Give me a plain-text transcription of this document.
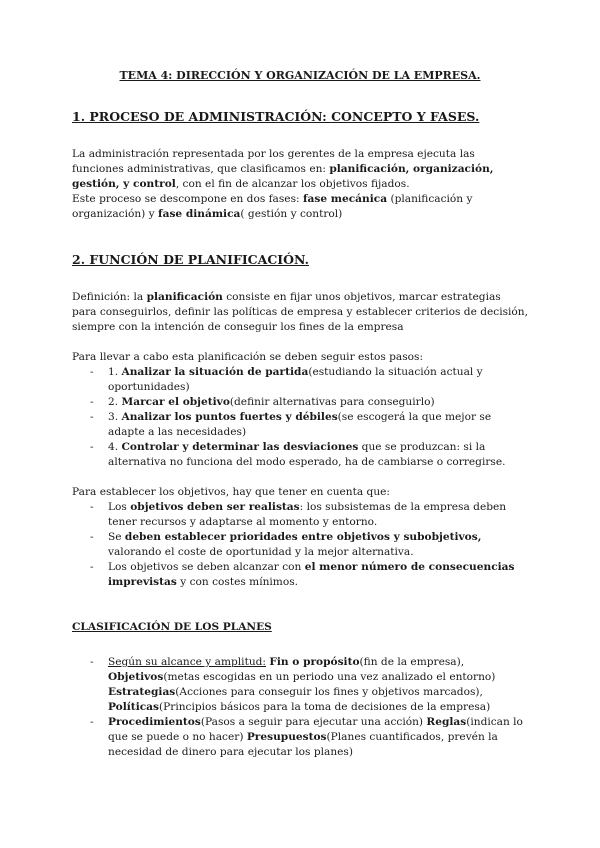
TEMA 4: DIRECCIÓN Y ORGANIZACIÓN DE LA EMPRESA.
1. PROCESO DE ADMINISTRACIÓN: CONCEPTO Y FASES.

La administración representada por los gerentes de la empresa ejecuta las funciones administrativas, que clasificamos en: planificación, organización, gestión, y control, con el fin de alcanzar los objetivos fijados.

Este proceso se descompone en dos fases: fase mecánica (planificación y organización) y fase dinámica( gestión y control)

2. FUNCIÓN DE PLANIFICACIÓN.

Definición: la planificación consiste en fijar unos objetivos, marcar estrategias para conseguirlos, definir las políticas de empresa y establecer criterios de decisión, siempre con la intención de conseguir los fines de la empresa

Para llevar a cabo esta planificación se deben seguir estos pasos:

- 1. Analizar la situación de partida(estudiando la situación actual y oportunidades)
- 2. Marcar el objetivo(definir alternativas para conseguirlo)
- 3. Analizar los puntos fuertes y débiles(se escogerá la que mejor se adapte a las necesidades)
- 4. Controlar y determinar las desviaciones que se produzcan: si la alternativa no funciona del modo esperado, ha de cambiarse o corregirse.

Para establecer los objetivos, hay que tener en cuenta que:

- Los objetivos deben ser realistas: los subsistemas de la empresa deben tener recursos y adaptarse al momento y entorno.
- Se deben establecer prioridades entre objetivos y subobjetivos, valorando el coste de oportunidad y la mejor alternativa.
- Los objetivos se deben alcanzar con el menor número de consecuencias imprevistas y con costes mínimos.
CLASIFICACIÓN DE LOS PLANES
- Según su alcance y amplitud: Fin o propósito(fin de la empresa), Objetivos(metas escogidas en un periodo una vez analizado el entorno) Estrategias(Acciones para conseguir los fines y objetivos marcados), Políticas(Principios básicos para la toma de decisiones de la empresa)
- Procedimientos(Pasos a seguir para ejecutar una acción) Reglas(indican lo que se puede o no hacer) Presupuestos(Planes cuantificados, prevén la necesidad de dinero para ejecutar los planes)
